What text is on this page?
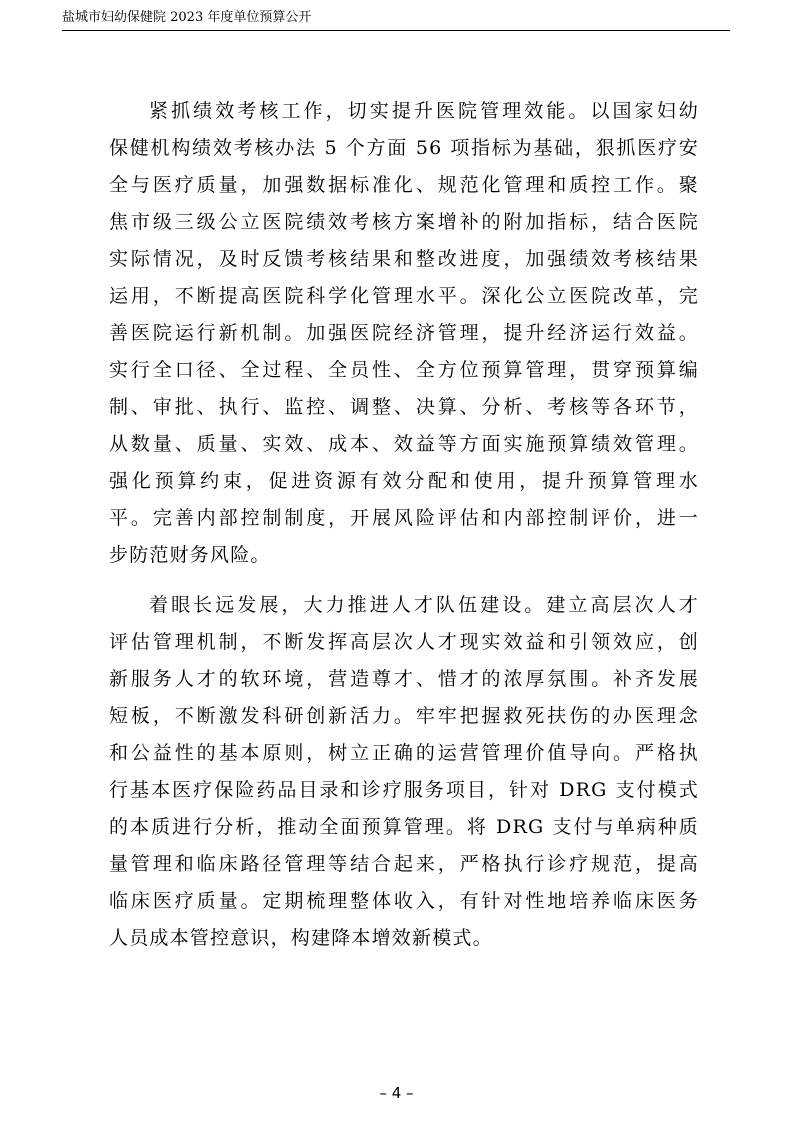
盐城市妇幼保健院 2023 年度单位预算公开
紧抓绩效考核工作，切实提升医院管理效能。以国家妇幼
保健机构绩效考核办法 5 个方面 56 项指标为基础，狠抓医疗安
全与医疗质量，加强数据标准化、规范化管理和质控工作。聚
焦市级三级公立医院绩效考核方案增补的附加指标，结合医院
实际情况，及时反馈考核结果和整改进度，加强绩效考核结果
运用，不断提高医院科学化管理水平。深化公立医院改革，完
善医院运行新机制。加强医院经济管理，提升经济运行效益。
实行全口径、全过程、全员性、全方位预算管理，贯穿预算编
制、审批、执行、监控、调整、决算、分析、考核等各环节，
从数量、质量、实效、成本、效益等方面实施预算绩效管理。
强化预算约束，促进资源有效分配和使用，提升预算管理水
平。完善内部控制制度，开展风险评估和内部控制评价，进一
步防范财务风险。
着眼长远发展，大力推进人才队伍建设。建立高层次人才
评估管理机制，不断发挥高层次人才现实效益和引领效应，创
新服务人才的软环境，营造尊才、惜才的浓厚氛围。补齐发展
短板，不断激发科研创新活力。牢牢把握救死扶伤的办医理念
和公益性的基本原则，树立正确的运营管理价值导向。严格执
行基本医疗保险药品目录和诊疗服务项目，针对 DRG 支付模式
的本质进行分析，推动全面预算管理。将 DRG 支付与单病种质
量管理和临床路径管理等结合起来，严格执行诊疗规范，提高
临床医疗质量。定期梳理整体收入，有针对性地培养临床医务
人员成本管控意识，构建降本增效新模式。
– 4 –
